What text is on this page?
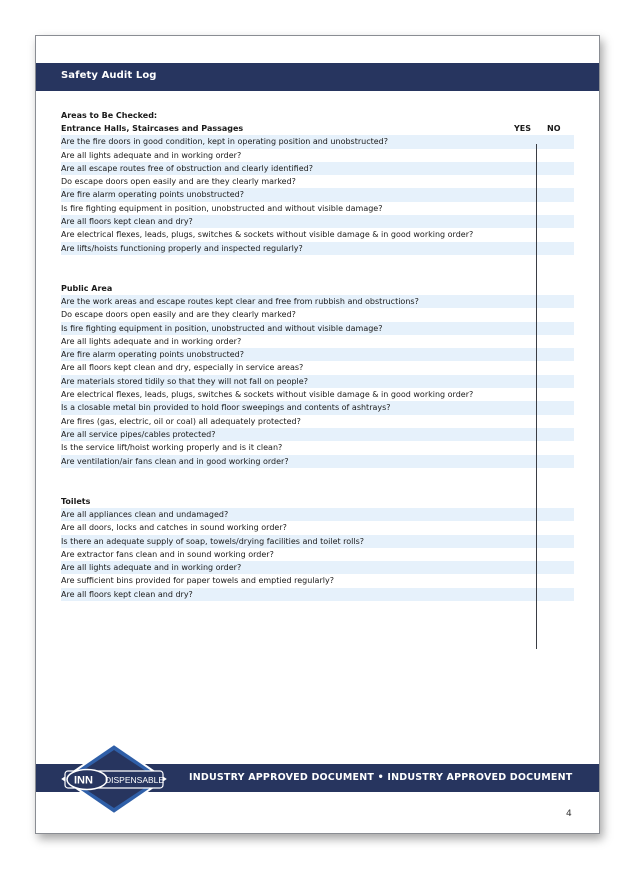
Safety Audit Log
Areas to Be Checked:
Entrance Halls, Staircases and Passages	YES NO
Are the fire doors in good condition, kept in operating position and unobstructed?
Are all lights adequate and in working order?
Are all escape routes free of obstruction and clearly identified?
Do escape doors open easily and are they clearly marked?
Are fire alarm operating points unobstructed?
Is fire fighting equipment in position, unobstructed and without visible damage?
Are all floors kept clean and dry?
Are electrical flexes, leads, plugs, switches & sockets without visible damage & in good working order?
Are lifts/hoists functioning properly and inspected regularly?
Public Area
Are the work areas and escape routes kept clear and free from rubbish and obstructions?
Do escape doors open easily and are they clearly marked?
Is fire fighting equipment in position, unobstructed and without visible damage?
Are all lights adequate and in working order?
Are fire alarm operating points unobstructed?
Are all floors kept clean and dry, especially in service areas?
Are materials stored tidily so that they will not fall on people?
Are electrical flexes, leads, plugs, switches & sockets without visible damage & in good working order?
Is a closable metal bin provided to hold floor sweepings and contents of ashtrays?
Are fires (gas, electric, oil or coal) all adequately protected?
Are all service pipes/cables protected?
Is the service lift/hoist working properly and is it clean?
Are ventilation/air fans clean and in good working order?
Toilets
Are all appliances clean and undamaged?
Are all doors, locks and catches in sound working order?
Is there an adequate supply of soap, towels/drying facilities and toilet rolls?
Are extractor fans clean and in sound working order?
Are all lights adequate and in working order?
Are sufficient bins provided for paper towels and emptied regularly?
Are all floors kept clean and dry?
INDUSTRY APPROVED DOCUMENT • INDUSTRY APPROVED DOCUMENT
INN DISPENSABLE
4
